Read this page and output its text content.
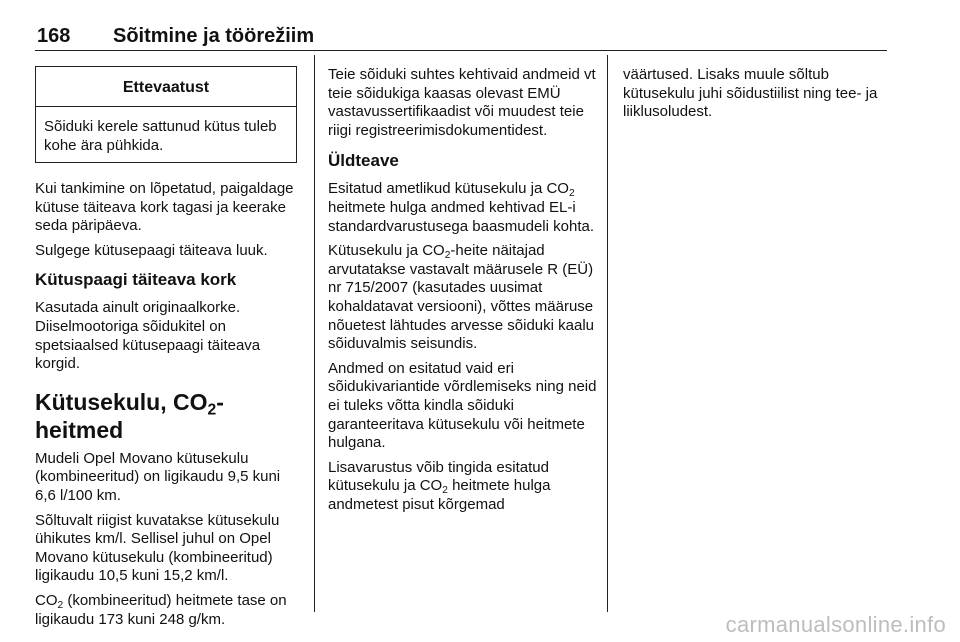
168 Sõitmine ja töörežiim
Ettevaatust
Sõiduki kerele sattunud kütus tuleb kohe ära pühkida.

Kui tankimine on lõpetatud, paigaldage kütuse täiteava kork tagasi ja keerake seda päripäeva.

Sulgege kütusepaagi täiteava luuk.

Kütuspaagi täiteava kork

Kasutada ainult originaalkorke. Diiselmootoriga sõidukitel on spetsiaalsed kütusepaagi täiteava korgid.

Kütusekulu, $CO_2$-heitmed

Mudeli Opel Movano kütusekulu (kombineeritud) on ligikaudu 9,5 kuni 6,6 l/100 km.

Sõltuvalt riigist kuvatakse kütusekulu ühikutes km/l. Sellisel juhul on Opel Movano kütusekulu (kombineeritud) ligikaudu 10,5 kuni 15,2 km/l.

$CO_2$ (kombineeritud) heitmete tase on ligikaudu 173 kuni 248 g/km.

Teie sõiduki suhtes kehtivaid andmeid vt teie sõidukiga kaasas olevast EMÜ vastavussertifikaadist või muudest teie riigi registreerimisdokumentidest.

Üldteave

Esitatud ametlikud kütusekulu ja $CO_2$ heitmete hulga andmed kehtivad EL-i standardvarustusega baasmudeli kohta.

Kütusekulu ja $CO_2$-heite näitajad arvutatakse vastavalt määrusele R (EÜ) nr 715/2007 (kasutades uusimat kohaldatavat versiooni), võttes määruse nõuetest lähtudes arvesse sõiduki kaalu sõiduvalmis seisundis.

Andmed on esitatud vaid eri sõidukivariantide võrdlemiseks ning neid ei tuleks võtta kindla sõiduki garanteeritava kütusekulu või heitmete hulgana.

Lisavarustus võib tingida esitatud kütusekulu ja $CO_2$ heitmete hulga andmetest pisut kõrgemad

väärtused. Lisaks muule sõltub kütusekulu juhi sõidustiilist ning tee- ja liiklusoludest.

carmanualsonline.info
